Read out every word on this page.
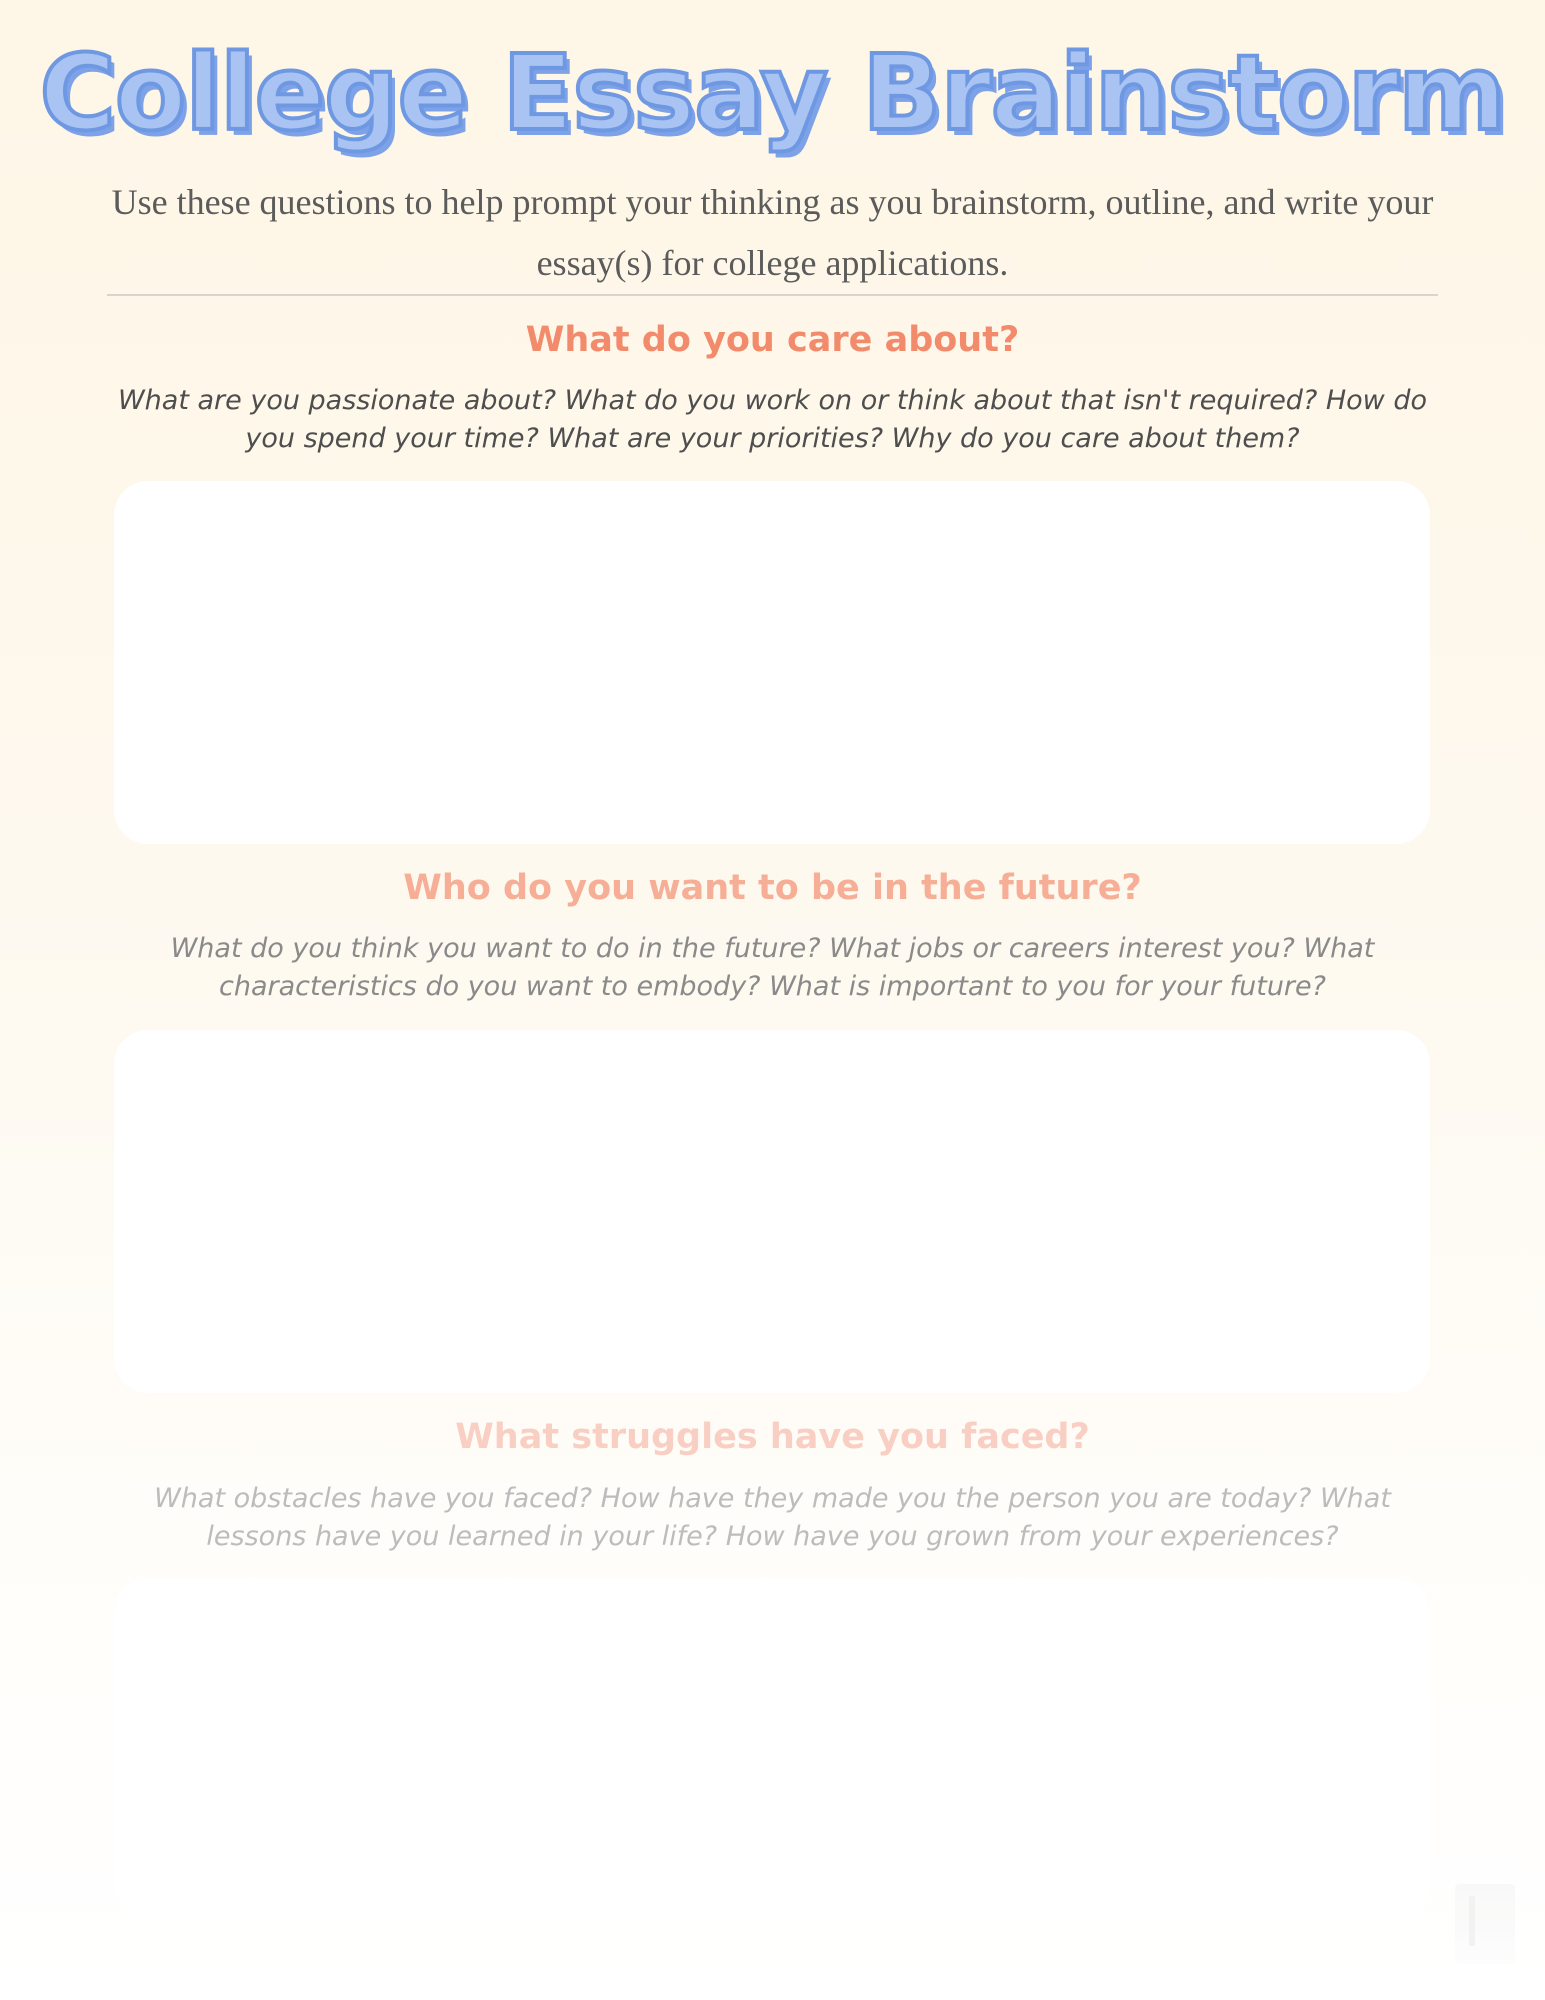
College Essay Brainstorm

Use these questions to help prompt your thinking as you brainstorm, outline, and write your essay(s) for college applications.

What do you care about?

What are you passionate about? What do you work on or think about that isn't required? How do you spend your time? What are your priorities? Why do you care about them?

Who do you want to be in the future?

What do you think you want to do in the future? What jobs or careers interest you? What characteristics do you want to embody? What is important to you for your future?

What struggles have you faced?

What obstacles have you faced? How have they made you the person you are today? What lessons have you learned in your life? How have you grown from your experiences?
